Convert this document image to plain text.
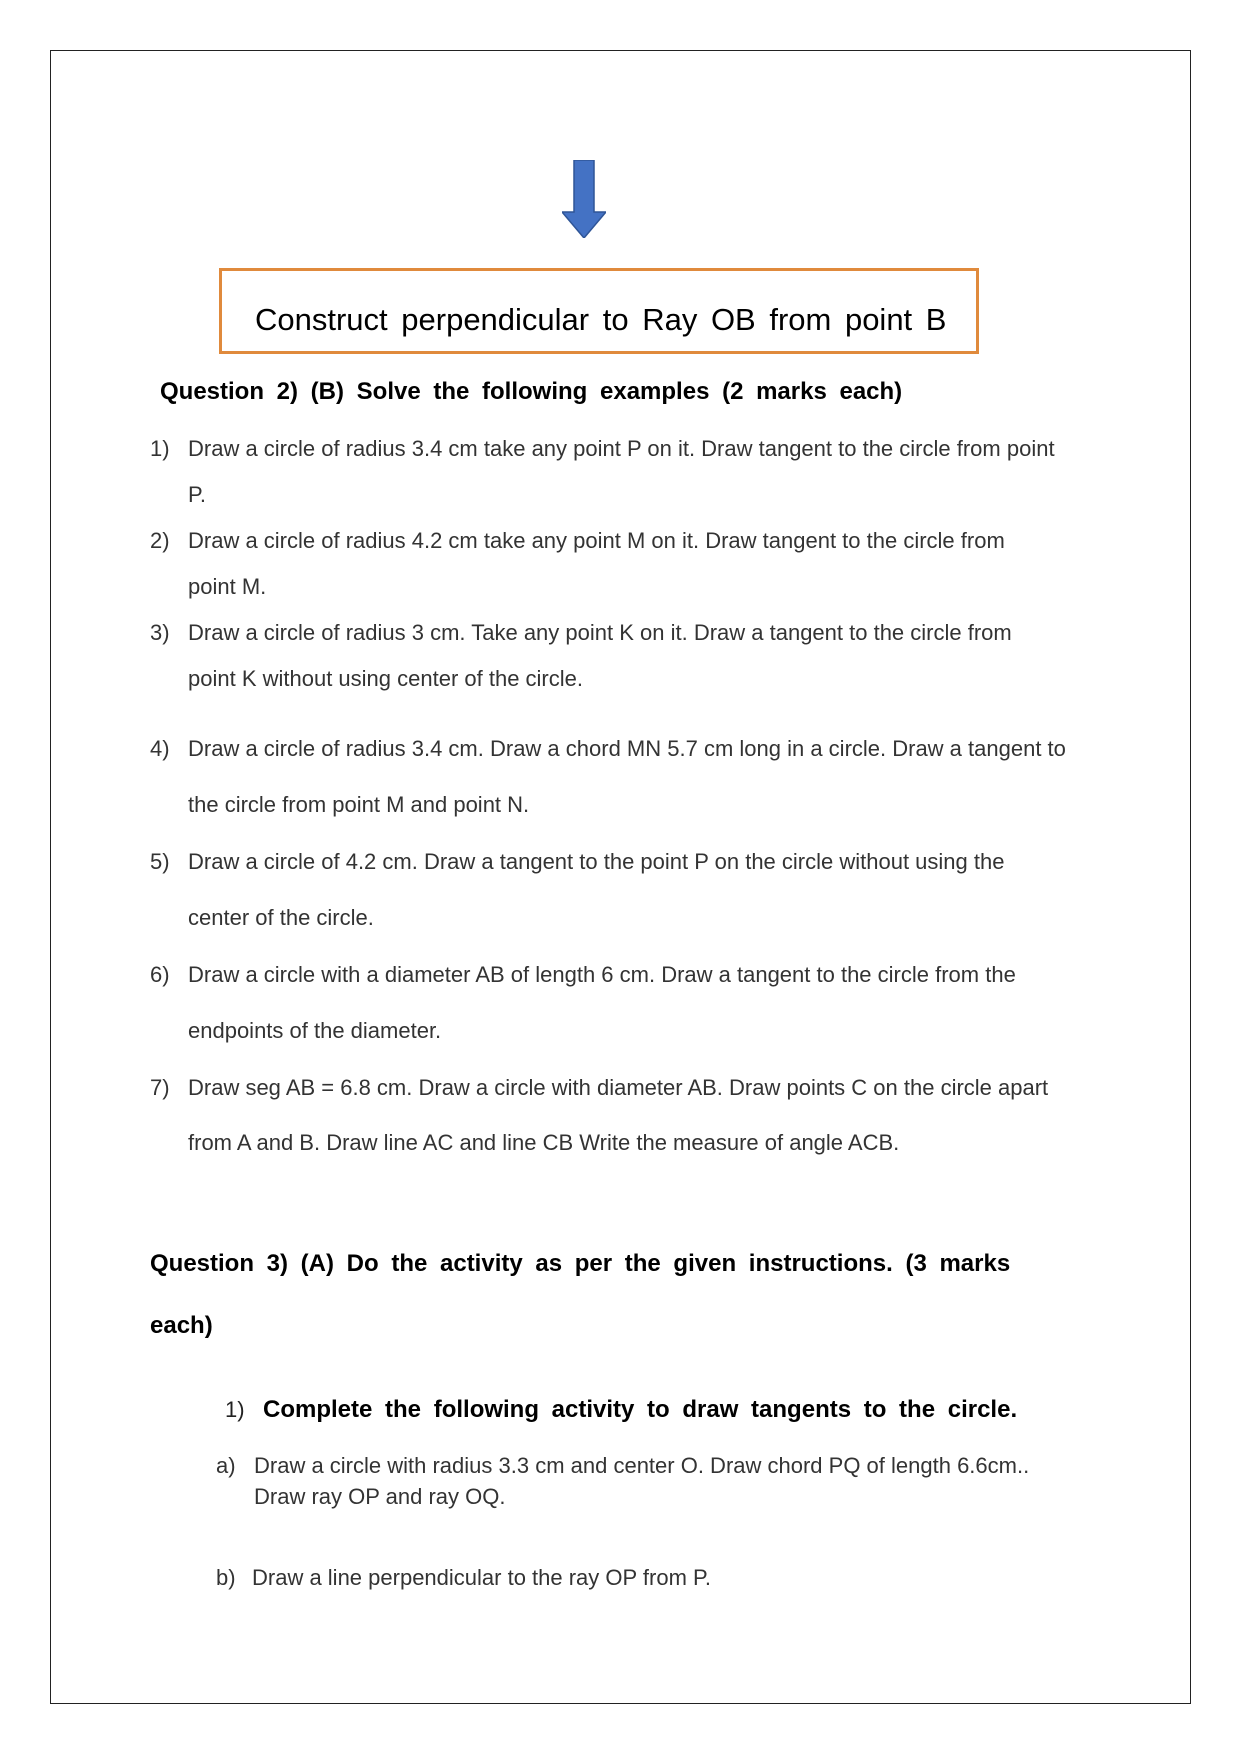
Construct perpendicular to Ray OB from point B
Question 2) (B) Solve the following examples (2 marks each)
1) Draw a circle of radius 3.4 cm take any point P on it. Draw tangent to the circle from point
P.
2) Draw a circle of radius 4.2 cm take any point M on it. Draw tangent to the circle from
point M.
3) Draw a circle of radius 3 cm. Take any point K on it. Draw a tangent to the circle from
point K without using center of the circle.
4) Draw a circle of radius 3.4 cm. Draw a chord MN 5.7 cm long in a circle. Draw a tangent to
the circle from point M and point N.
5) Draw a circle of 4.2 cm. Draw a tangent to the point P on the circle without using the
center of the circle.
6) Draw a circle with a diameter AB of length 6 cm. Draw a tangent to the circle from the
endpoints of the diameter.
7) Draw seg AB = 6.8 cm. Draw a circle with diameter AB. Draw points C on the circle apart
from A and B. Draw line AC and line CB Write the measure of angle ACB.
Question 3) (A) Do the activity as per the given instructions. (3 marks
each)
1) Complete the following activity to draw tangents to the circle.
a) Draw a circle with radius 3.3 cm and center O. Draw chord PQ of length 6.6cm..
Draw ray OP and ray OQ.
b) Draw a line perpendicular to the ray OP from P.
